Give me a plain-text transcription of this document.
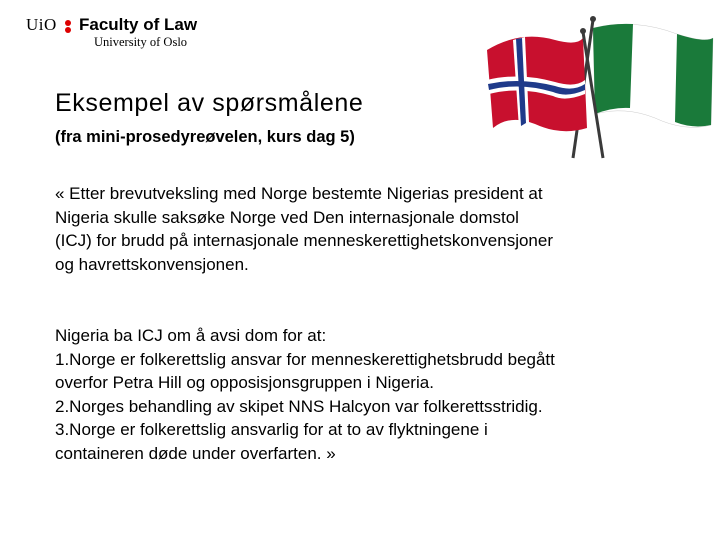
UiO Faculty of Law
University of Oslo
Eksempel av spørsmålene
(fra mini-prosedyreøvelen, kurs dag 5)

« Etter brevutveksling med Norge bestemte Nigerias president at

Nigeria skulle saksøke Norge ved Den internasjonale domstol

(ICJ) for brudd på internasjonale menneskerettighetskonvensjoner

og havrettskonvensjonen.

Nigeria ba ICJ om å avsi dom for at:

1.Norge er folkerettslig ansvar for menneskerettighetsbrudd begått

overfor Petra Hill og opposisjonsgruppen i Nigeria.

2.Norges behandling av skipet NNS Halcyon var folkerettsstridig.

3.Norge er folkerettslig ansvarlig for at to av flyktningene i

containeren døde under overfarten. »
